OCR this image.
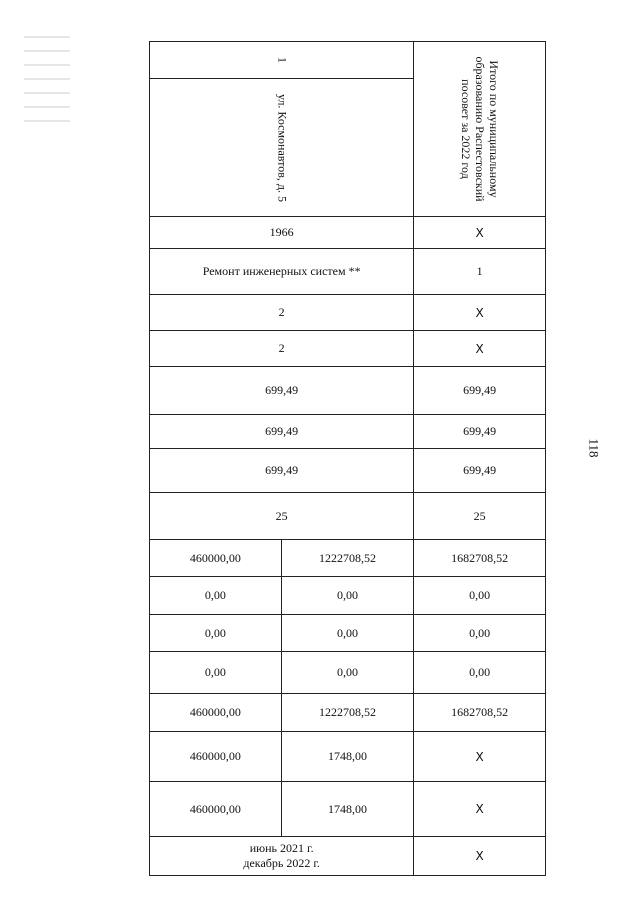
118
1		Итого по муниципальному образованию Распестовский посовет за 2022 год

ул. Космонавтов, д. 5		

1966		X
Ремонт инженерных систем **		1
2		X
2		X
699,49		699,49
699,49		699,49
699,49		699,49
25		25
460000,00	1222708,52	1682708,52
0,00	0,00	0,00
0,00	0,00	0,00
0,00	0,00	0,00
460000,00	1222708,52	1682708,52
460000,00	1748,00	X
460000,00	1748,00	X

июнь 2021 г.
декабрь 2022 г.		X
